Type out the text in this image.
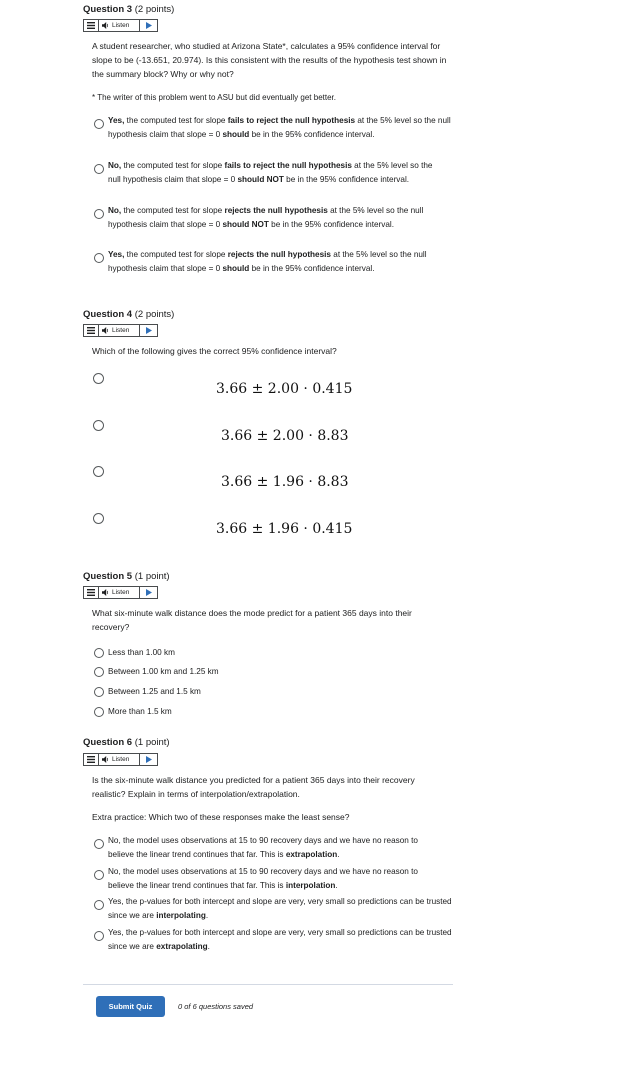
Question 3 (2 points)
Listen
A student researcher, who studied at Arizona State*, calculates a 95% confidence interval for slope to be (-13.651, 20.974). Is this consistent with the results of the hypothesis test shown in the summary block? Why or why not?
* The writer of this problem went to ASU but did eventually get better.
Yes, the computed test for slope fails to reject the null hypothesis at the 5% level so the null hypothesis claim that slope = 0 should be in the 95% confidence interval.
No, the computed test for slope fails to reject the null hypothesis at the 5% level so the null hypothesis claim that slope = 0 should NOT be in the 95% confidence interval.
No, the computed test for slope rejects the null hypothesis at the 5% level so the null hypothesis claim that slope = 0 should NOT be in the 95% confidence interval.
Yes, the computed test for slope rejects the null hypothesis at the 5% level so the null hypothesis claim that slope = 0 should be in the 95% confidence interval.
Question 4 (2 points)
Listen
Which of the following gives the correct 95% confidence interval?
3.66 ± 2.00 · 0.415
3.66 ± 2.00 · 8.83
3.66 ± 1.96 · 8.83
3.66 ± 1.96 · 0.415
Question 5 (1 point)
Listen
What six-minute walk distance does the mode predict for a patient 365 days into their recovery?
Less than 1.00 km
Between 1.00 km and 1.25 km
Between 1.25 and 1.5 km
More than 1.5 km
Question 6 (1 point)
Listen
Is the six-minute walk distance you predicted for a patient 365 days into their recovery realistic? Explain in terms of interpolation/extrapolation.
Extra practice: Which two of these responses make the least sense?
No, the model uses observations at 15 to 90 recovery days and we have no reason to believe the linear trend continues that far. This is extrapolation.
No, the model uses observations at 15 to 90 recovery days and we have no reason to believe the linear trend continues that far. This is interpolation.
Yes, the p-values for both intercept and slope are very, very small so predictions can be trusted since we are interpolating.
Yes, the p-values for both intercept and slope are very, very small so predictions can be trusted since we are extrapolating.
Submit Quiz	0 of 6 questions saved
